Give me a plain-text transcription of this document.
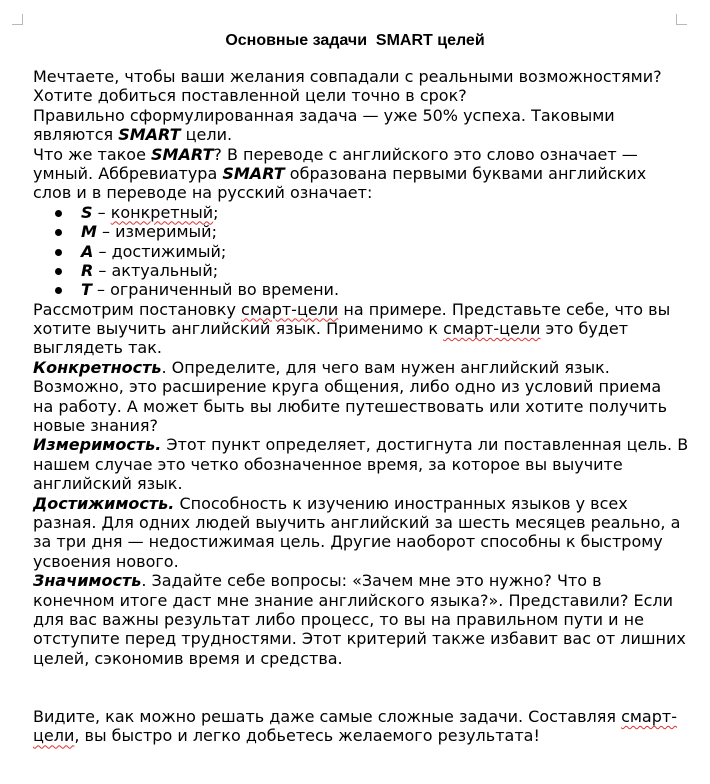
Основные задачи  SMART целей
Мечтаете, чтобы ваши желания совпадали с реальными возможностями?
Хотите добиться поставленной цели точно в срок?
Правильно сформулированная задача — уже 50% успеха. Таковыми
являются SMART цели.
Что же такое SMART? В переводе с английского это слово означает —
умный. Аббревиатура SMART образована первыми буквами английских
слов и в переводе на русский означает:
S – конкретный;
M – измеримый;
A – достижимый;
R – актуальный;
T – ограниченный во времени.
Рассмотрим постановку смарт-цели на примере. Представьте себе, что вы
хотите выучить английский язык. Применимо к смарт-цели это будет
выглядеть так.
Конкретность. Определите, для чего вам нужен английский язык.
Возможно, это расширение круга общения, либо одно из условий приема
на работу. А может быть вы любите путешествовать или хотите получить
новые знания?
Измеримость. Этот пункт определяет, достигнута ли поставленная цель. В
нашем случае это четко обозначенное время, за которое вы выучите
английский язык.
Достижимость. Способность к изучению иностранных языков у всех
разная. Для одних людей выучить английский за шесть месяцев реально, а
за три дня — недостижимая цель. Другие наоборот способны к быстрому
усвоения нового.
Значимость. Задайте себе вопросы: «Зачем мне это нужно? Что в
конечном итоге даст мне знание английского языка?». Представили? Если
для вас важны результат либо процесс, то вы на правильном пути и не
отступите перед трудностями. Этот критерий также избавит вас от лишних
целей, сэкономив время и средства.
Видите, как можно решать даже самые сложные задачи. Составляя смарт-
цели, вы быстро и легко добьетесь желаемого результата!
